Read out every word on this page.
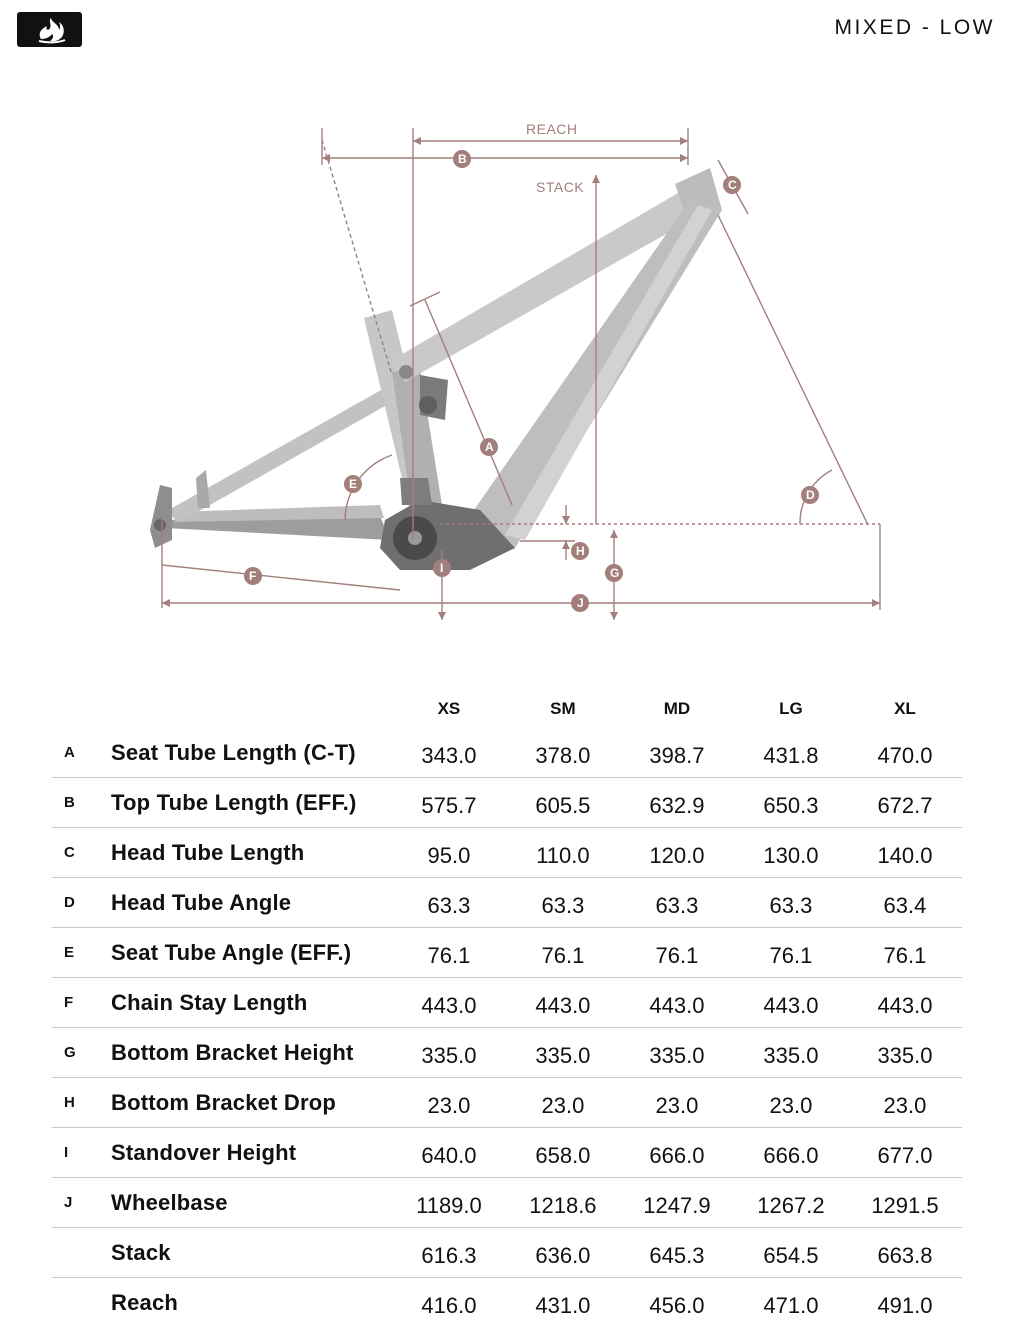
MIXED - LOW
REACH
STACK
A
B
C
D
E
F	G
H
I
J
		XS	SM	MD	LG	XL
A	Seat Tube Length (C-T)	343.0	378.0	398.7	431.8	470.0
B	Top Tube Length (EFF.)	575.7	605.5	632.9	650.3	672.7
C	Head Tube Length	95.0	110.0	120.0	130.0	140.0
D	Head Tube Angle	63.3	63.3	63.3	63.3	63.4
E	Seat Tube Angle (EFF.)	76.1	76.1	76.1	76.1	76.1
F	Chain Stay Length	443.0	443.0	443.0	443.0	443.0
G	Bottom Bracket Height	335.0	335.0	335.0	335.0	335.0
H	Bottom Bracket Drop	23.0	23.0	23.0	23.0	23.0
I	Standover Height	640.0	658.0	666.0	666.0	677.0
J	Wheelbase	1189.0	1218.6	1247.9	1267.2	1291.5
	Stack	616.3	636.0	645.3	654.5	663.8
	Reach	416.0	431.0	456.0	471.0	491.0
